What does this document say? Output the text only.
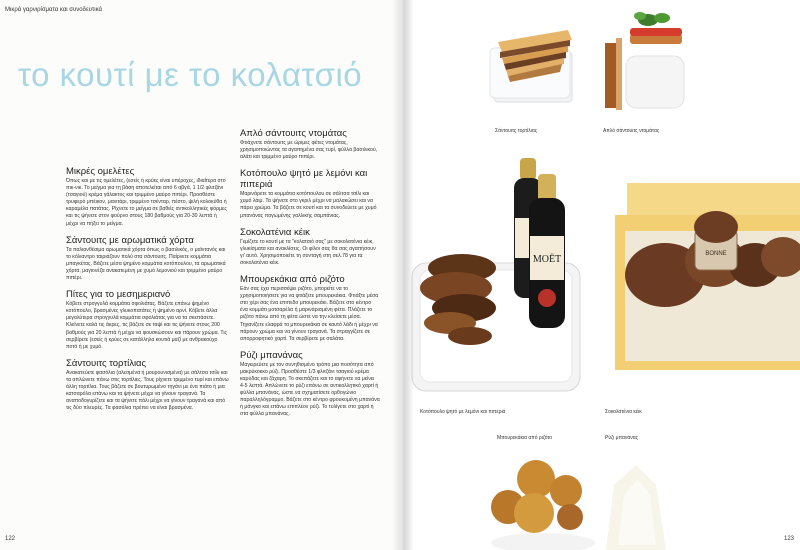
Μικρά γαρνιρίσματα και συνοδευτικά
το κουτί με το κολατσιό
Μικρές ομελέτες

Όπως και με τις ομελέτες, (εσείς ή κρύες είναι υπέροχες, ιδιαίτερα στο πικ-νικ. Το μείγμα για τη βάση αποτελείται από 6 αβγά, 1 1/2 φλιτζάνι (τσαγιού) κρέμα γάλακτος και τριμμένο μαύρο πιπέρι. Προσθέστε τρυφερό μπέικον, μανιτάρι, τριμμένο τσένταρ, πέστο, ψιλή κολοκύθα ή καραμέλα πατάτας. Ρίχνετε το μείγμα σε βαθιές αντικολλητικές φόρμες και τις ψήνετε στον φούρνο στους 180 βαθμούς για 20-30 λεπτά ή μέχρι να πήξει το μείγμα.

Σάντουιτς με αρωματικά χόρτα

Τα παλιανθέσιμα αρωματικά χόρτα όπως ο βασιλικός, ο μαϊντανός και το κόλιαντρο ταιριάζουν πολύ στα σάντουιτς. Παίρνετε κομμάτια μπαγκέτας. Βάζετε μέσα ψημένο κομμάτια κοτόπουλου, τα αρωματικά χόρτα, μαγιονέζα ανακατεμένη με χυμό λεμονιού και τριμμένο μαύρο πιπέρι.

Πίτες για το μεσημεριανό

Κόβετε στρογγυλά κομμάτια σφολιάτας. Βάζετε επάνω ψημένο κοτόπουλο, βρασμένες γλυκοπατάτες ή ψημένο αρνί. Κόβετε άλλα μεγαλύτερα στρογγυλά κομμάτια σφολιάτας για να τα σκεπάσετε. Κλείνετε καλά τις άκρες, τις βάζετε σε ταψί και τις ψήνετε στους 200 βαθμούς για 20 λεπτά ή μέχρι να φουσκώσουν και πάρουν χρώμα. Τις σερβίρετε (εσείς ή κρύες σε κατάλληλα κουτιά μαζί με ανθρακούχο ποτό ή με χυμό.

Σάντουιτς τορτίλιας

Ανακατεύετε φασόλια (αλεσμένα ή μουρουνισμένα) με σάλτσα τσίλι και τα απλώνετε πάνω στις τορτίλιες. Τους ρίχνετε τριμμένο τυρί και επάνω άλλη τορτίλια. Τους βάζετε σε βουτυρωμένο τηγάνι με ένα πιάτο ή μια κατσαρόλα επάνω και τα ψήνετε μέχρι να γίνουν τραγανά. Τα αναποδογυρίζετε και τα ψήνετε πάλι μέχρι να γίνουν τραγανά και από τις δύο πλευρές. Τα φασόλια πρέπει να είναι βρασμένα.

Απλό σάντουιτς ντομάτας

Φτιάχνετε σάντουιτς με ώριμες φέτες ντομάτας, χρησιμοποιώντας τα αγαπημένα σας τυρί, φύλλα βασιλικού, αλάτι και τριμμένο μαύρο πιπέρι.

Κοτόπουλο ψητό με λεμόνι και πιπεριά

Μαρινάρετε τα κομμάτια κοτόπουλου σε σάλτσα τσίλι και χυμό λάιμ. Τα ψήνετε στο γκριλ μέχρι να μαλακώσει και να πάρει χρώμα. Τα βάζετε σε κουτί και τα συνοδεύετε με χυμό μπανάνας παγωμένης γαλλικής σαμπάνιας.

Σοκολατένια κέικ

Γεμίζετε το κουτί με τα "κολατσιό σας" με σοκολατένια κέικ, γλυκίσματα και ανακλίσεις. Οι φίλοι σας θα σας αγαπήσουν γι' αυτό. Χρησιμοποιείτε τη συνταγή στη σελ.78 για τα σοκολατένια κέικ.

Μπουρεκάκια από ριζότο

Εάν σας έχει περισσέψει ριζότο, μπορείτε να το χρησιμοποιήσετε για να φτιάξετε μπουρεκάκια. Φτιάξτε μέσα στο χέρι σας ένα επιπεδο μπουρεκάκι. Βάζετε στο κέντρο ένα κομμάτι μοτσαρέλα ή μαρινάρισμένη φέτα. Πλάζετε το ριζότο πάνω από τη φέτα ώστε να την κλείσετε μέσα. Τηγανίζετε ελαφρά τα μπουρεκάκια σε καυτό λάδι ή μέχρι να πάρουν χρώμα και να γίνουν τραγανά. Τα στραγγίζετε σε απορροφητικό χαρτί. Τα σερβίρετε με σαλάτα.

Ρύζι μπανάνας

Μαγειρεύετε με τον συνηθισμένο τρόπο μια ποσότητα από μακρύκοκκο ρύζι. Προσθέστε 1/3 φλιτζάνι τσαγιού κρέμα καρύδας και ζάχαρη. Το σκεπάζετε και το αφήνετε να μείνει 4-5 λεπτά. Απλώνετε το ρύζι επάνω σε αντικολλητικό χαρτί ή φύλλα μπανάνας, ώστε να σχηματίσετε ορθογώνιο παραλληλόγραμμο. Βάζετε στο κέντρο φρουκομένη μπανάνα ή μάνγκο και επάνω επιπλέον ρύζι. Το τυλίγετε στο χαρτί ή στα φύλλα μπανάνας.

122
Σάντουιτς τορτίλιας	Απλό σάντουιτς ντομάτας
MOËT	BONNE
Κοτόπουλο ψητό με λεμόνι και πιπεριά	Σοκολατένια κέικ
Μπουρεκάκια από ριζότο	Ρύζι μπανάνας
123
